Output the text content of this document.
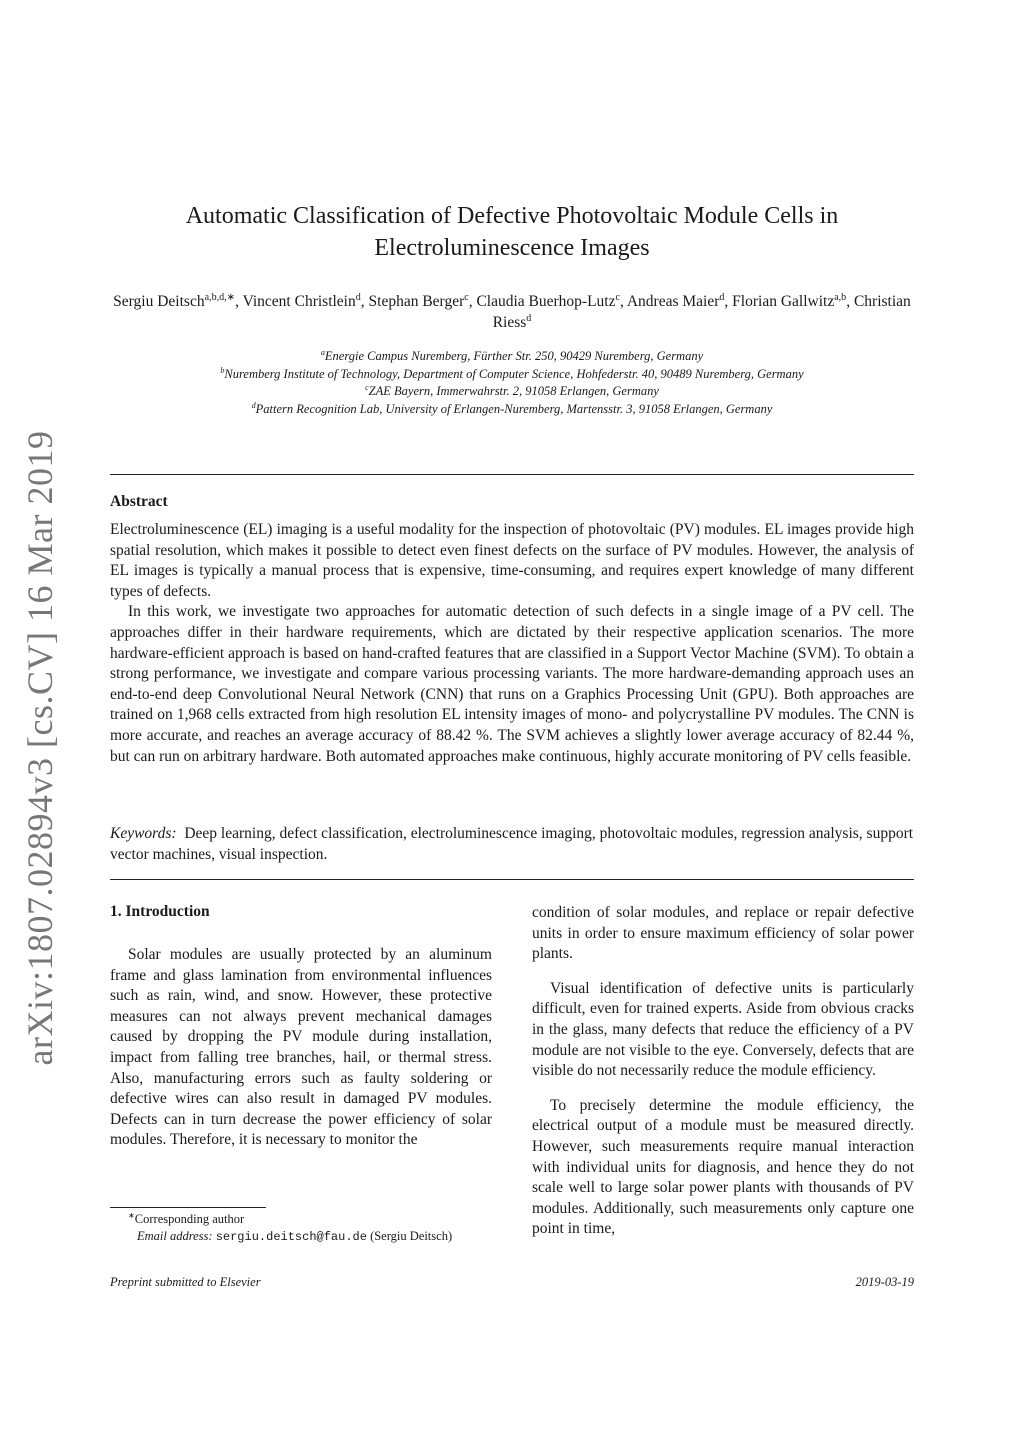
arXiv:1807.02894v3 [cs.CV] 16 Mar 2019
Automatic Classification of Defective Photovoltaic Module Cells in
Electroluminescence Images
Sergiu Deitsch$^{a,b,d,∗}$, Vincent Christlein$^d$, Stephan Berger$^c$, Claudia Buerhop-Lutz$^c$, Andreas Maier$^d$, Florian Gallwitz$^{a,b}$, Christian Riess$^d$
$^a$Energie Campus Nuremberg, Fürther Str. 250, 90429 Nuremberg, Germany
$^b$Nuremberg Institute of Technology, Department of Computer Science, Hohfederstr. 40, 90489 Nuremberg, Germany
$^c$ZAE Bayern, Immerwahrstr. 2, 91058 Erlangen, Germany
$^d$Pattern Recognition Lab, University of Erlangen-Nuremberg, Martensstr. 3, 91058 Erlangen, Germany
Abstract

Electroluminescence (EL) imaging is a useful modality for the inspection of photovoltaic (PV) modules. EL images provide high spatial resolution, which makes it possible to detect even finest defects on the surface of PV modules. However, the analysis of EL images is typically a manual process that is expensive, time-consuming, and requires expert knowledge of many different types of defects.

In this work, we investigate two approaches for automatic detection of such defects in a single image of a PV cell. The approaches differ in their hardware requirements, which are dictated by their respective application scenarios. The more hardware-efficient approach is based on hand-crafted features that are classified in a Support Vector Machine (SVM). To obtain a strong performance, we investigate and compare various processing variants. The more hardware-demanding approach uses an end-to-end deep Convolutional Neural Network (CNN) that runs on a Graphics Processing Unit (GPU). Both approaches are trained on 1,968 cells extracted from high resolution EL intensity images of mono- and polycrystalline PV modules. The CNN is more accurate, and reaches an average accuracy of 88.42 %. The SVM achieves a slightly lower average accuracy of 82.44 %, but can run on arbitrary hardware. Both automated approaches make continuous, highly accurate monitoring of PV cells feasible.

Keywords: Deep learning, defect classification, electroluminescence imaging, photovoltaic modules, regression analysis, support vector machines, visual inspection.
1. Introduction

Solar modules are usually protected by an aluminum frame and glass lamination from environmental influences such as rain, wind, and snow. However, these protective measures can not always prevent mechanical damages caused by dropping the PV module during installation, impact from falling tree branches, hail, or thermal stress. Also, manufacturing errors such as faulty soldering or defective wires can also result in damaged PV modules. Defects can in turn decrease the power efficiency of solar modules. Therefore, it is necessary to monitor the

condition of solar modules, and replace or repair defective units in order to ensure maximum efficiency of solar power plants.

Visual identification of defective units is particularly difficult, even for trained experts. Aside from obvious cracks in the glass, many defects that reduce the efficiency of a PV module are not visible to the eye. Conversely, defects that are visible do not necessarily reduce the module efficiency.

To precisely determine the module efficiency, the electrical output of a module must be measured directly. However, such measurements require manual interaction with individual units for diagnosis, and hence they do not scale well to large solar power plants with thousands of PV modules. Additionally, such measurements only capture one point in time,

∗Corresponding author
Email address: sergiu.deitsch@fau.de (Sergiu Deitsch)
Preprint submitted to Elsevier	2019-03-19
